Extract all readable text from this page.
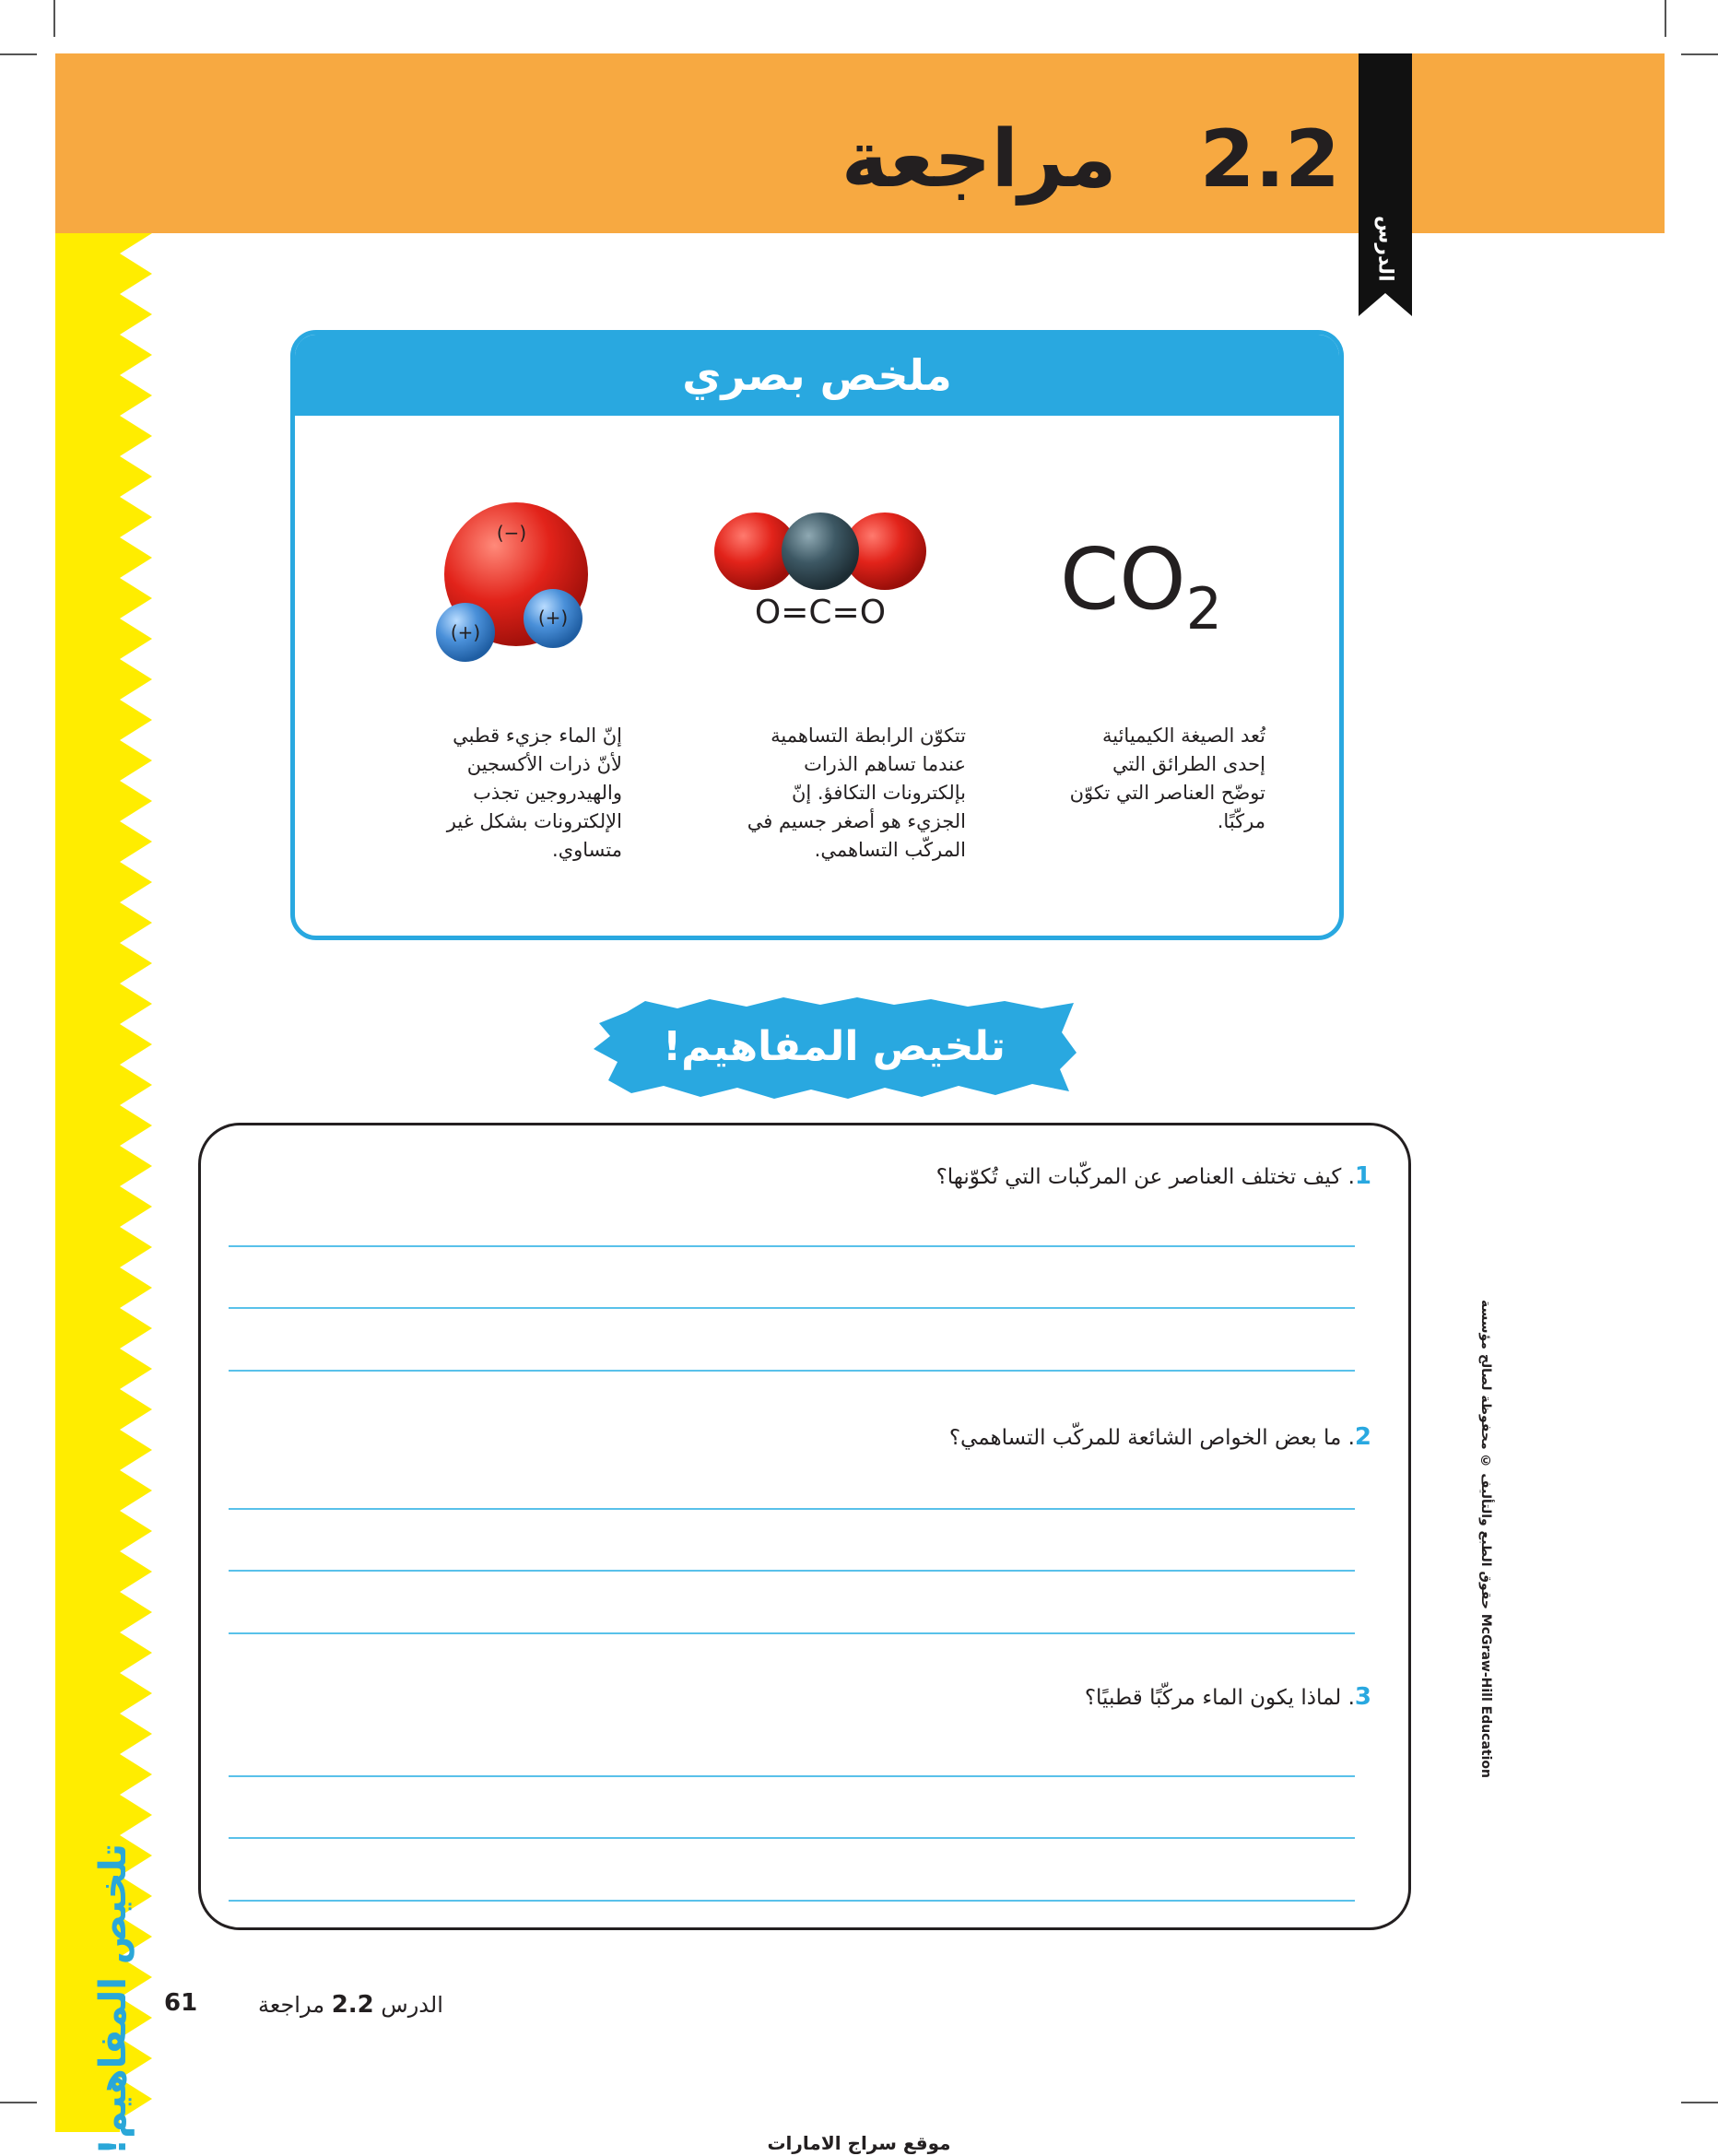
الدرس
2.2 مراجعة
تلخيص المفاهيم!
ملخص بصري
$CO_2$
O=C=O
(−)
(+)
(+)
تُعد الصيغة الكيميائية
إحدى الطرائق التي
توضّح العناصر التي تكوّن
مركّبًا.
تتكوّن الرابطة التساهمية
عندما تساهم الذرات
بإلكترونات التكافؤ. إنّ
الجزيء هو أصغر جسيم في
المركّب التساهمي.
إنّ الماء جزيء قطبي
لأنّ ذرات الأكسجين
والهيدروجين تجذب
الإلكترونات بشكل غير
متساوي.
تلخيص المفاهيم!
1. كيف تختلف العناصر عن المركّبات التي تُكوّنها؟
2. ما بعض الخواص الشائعة للمركّب التساهمي؟
3. لماذا يكون الماء مركّبًا قطبيًا؟
حقوق الطبع والتأليف © محفوظة لصالح مؤسسة McGraw-Hill Education
الدرس 2.2 مراجعة
61
موقع سراج الامارات
